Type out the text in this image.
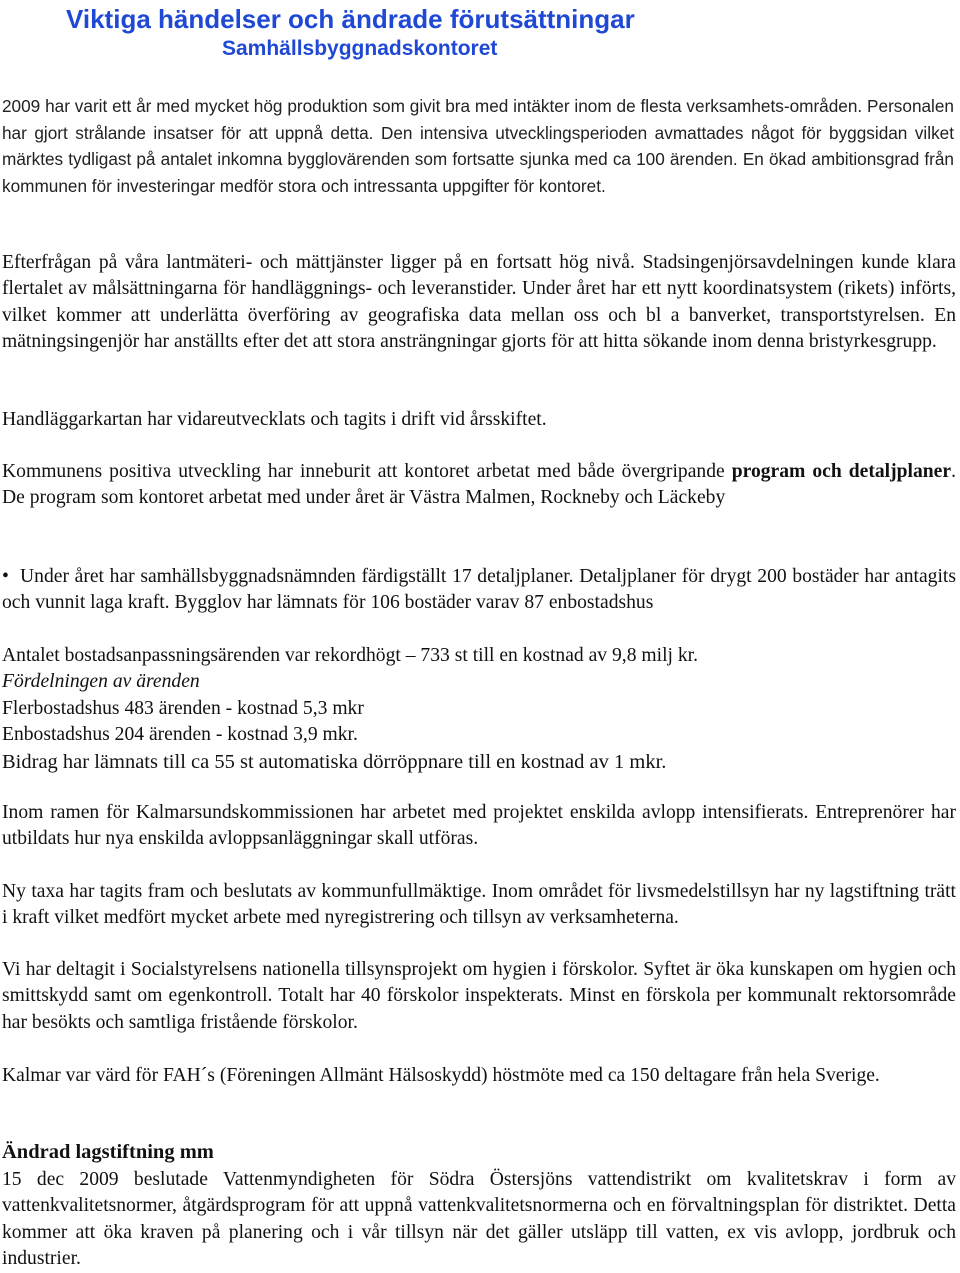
Viktiga händelser och ändrade förutsättningar
Samhällsbyggnadskontoret

2009 har varit ett år med mycket hög produktion som givit bra med intäkter inom de flesta verksamhets-områden. Personalen har gjort strålande insatser för att uppnå detta. Den intensiva utvecklingsperioden avmattades något för byggsidan vilket märktes tydligast på antalet inkomna bygglovärenden som fortsatte sjunka med ca 100 ärenden. En ökad ambitionsgrad från kommunen för investeringar medför stora och intressanta uppgifter för kontoret.

Efterfrågan på våra lantmäteri- och mättjänster ligger på en fortsatt hög nivå. Stadsingenjörsavdelningen kunde klara flertalet av målsättningarna för handläggnings- och leveranstider. Under året har ett nytt koordinatsystem (rikets) införts, vilket kommer att underlätta överföring av geografiska data mellan oss och bl a banverket, transportstyrelsen. En mätningsingenjör har anställts efter det att stora ansträngningar gjorts för att hitta sökande inom denna bristyrkesgrupp.

Handläggarkartan har vidareutvecklats och tagits i drift vid årsskiftet.

Kommunens positiva utveckling har inneburit att kontoret arbetat med både övergripande program och detaljplaner. De program som kontoret arbetat med under året är Västra Malmen, Rockneby och Läckeby

• Under året har samhällsbyggnadsnämnden färdigställt 17 detaljplaner. Detaljplaner för drygt 200 bostäder har antagits och vunnit laga kraft. Bygglov har lämnats för 106 bostäder varav 87 enbostadshus

Antalet bostadsanpassningsärenden var rekordhögt – 733 st till en kostnad av 9,8 milj kr.
Fördelningen av ärenden
Flerbostadshus 483 ärenden - kostnad 5,3 mkr
Enbostadshus 204 ärenden - kostnad 3,9 mkr.
Bidrag har lämnats till ca 55 st automatiska dörröppnare till en kostnad av 1 mkr.

Inom ramen för Kalmarsundskommissionen har arbetet med projektet enskilda avlopp intensifierats. Entreprenörer har utbildats hur nya enskilda avloppsanläggningar skall utföras.

Ny taxa har tagits fram och beslutats av kommunfullmäktige. Inom området för livsmedelstillsyn har ny lagstiftning trätt i kraft vilket medfört mycket arbete med nyregistrering och tillsyn av verksamheterna.

Vi har deltagit i Socialstyrelsens nationella tillsynsprojekt om hygien i förskolor. Syftet är öka kunskapen om hygien och smittskydd samt om egenkontroll. Totalt har 40 förskolor inspekterats. Minst en förskola per kommunalt rektorsområde har besökts och samtliga fristående förskolor.

Kalmar var värd för FAH´s (Föreningen Allmänt Hälsoskydd) höstmöte med ca 150 deltagare från hela Sverige.

Ändrad lagstiftning mm

15 dec 2009 beslutade Vattenmyndigheten för Södra Östersjöns vattendistrikt om kvalitetskrav i form av vattenkvalitetsnormer, åtgärdsprogram för att uppnå vattenkvalitetsnormerna och en förvaltningsplan för distriktet. Detta kommer att öka kraven på planering och i vår tillsyn när det gäller utsläpp till vatten, ex vis avlopp, jordbruk och industrier.
